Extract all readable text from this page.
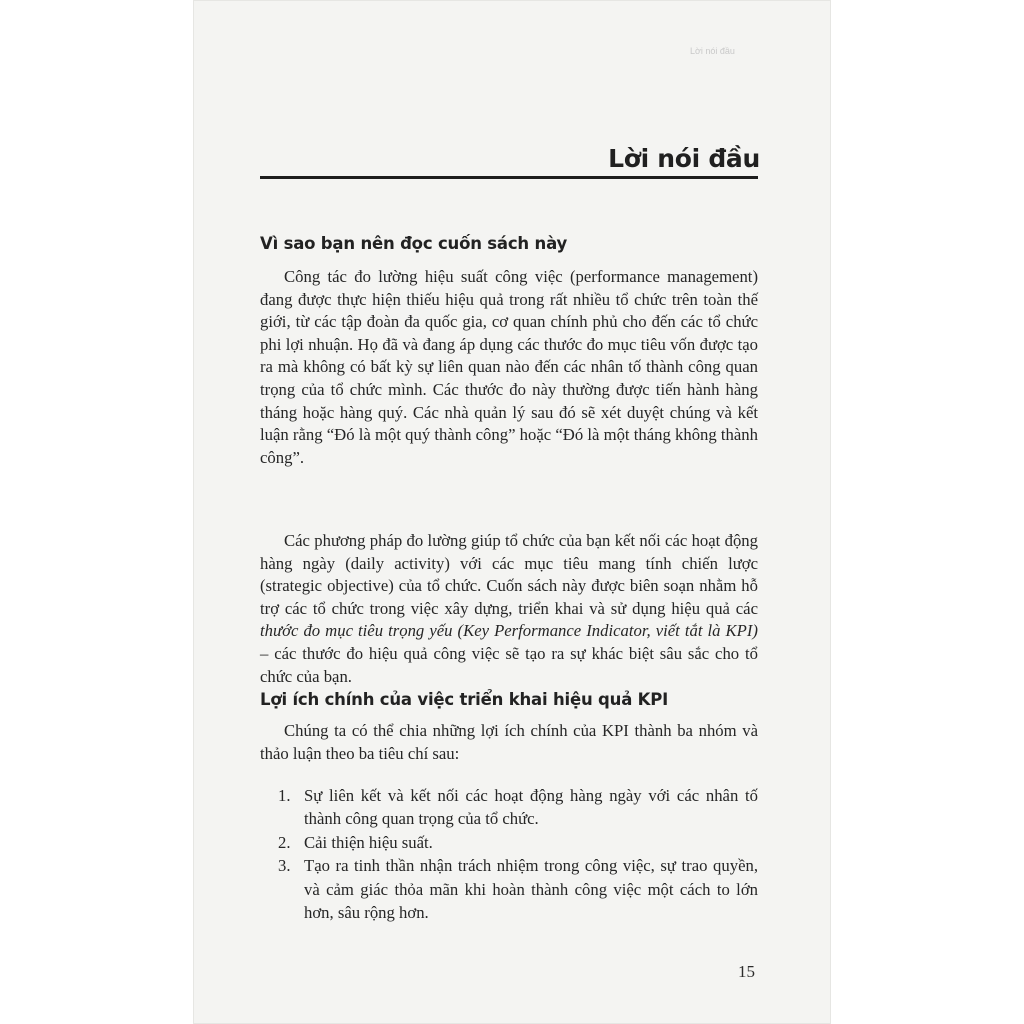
Lời nói đầu
Lời nói đầu
Vì sao bạn nên đọc cuốn sách này

Công tác đo lường hiệu suất công việc (performance management) đang được thực hiện thiếu hiệu quả trong rất nhiều tổ chức trên toàn thế giới, từ các tập đoàn đa quốc gia, cơ quan chính phủ cho đến các tổ chức phi lợi nhuận. Họ đã và đang áp dụng các thước đo mục tiêu vốn được tạo ra mà không có bất kỳ sự liên quan nào đến các nhân tố thành công quan trọng của tổ chức mình. Các thước đo này thường được tiến hành hàng tháng hoặc hàng quý. Các nhà quản lý sau đó sẽ xét duyệt chúng và kết luận rằng “Đó là một quý thành công” hoặc “Đó là một tháng không thành công”.

Các phương pháp đo lường giúp tổ chức của bạn kết nối các hoạt động hàng ngày (daily activity) với các mục tiêu mang tính chiến lược (strategic objective) của tổ chức. Cuốn sách này được biên soạn nhằm hỗ trợ các tổ chức trong việc xây dựng, triển khai và sử dụng hiệu quả các thước đo mục tiêu trọng yếu (Key Performance Indicator, viết tắt là KPI) – các thước đo hiệu quả công việc sẽ tạo ra sự khác biệt sâu sắc cho tổ chức của bạn.

Lợi ích chính của việc triển khai hiệu quả KPI

Chúng ta có thể chia những lợi ích chính của KPI thành ba nhóm và thảo luận theo ba tiêu chí sau:

1. Sự liên kết và kết nối các hoạt động hàng ngày với các nhân tố thành công quan trọng của tổ chức.
2. Cải thiện hiệu suất.
3. Tạo ra tinh thần nhận trách nhiệm trong công việc, sự trao quyền, và cảm giác thỏa mãn khi hoàn thành công việc một cách to lớn hơn, sâu rộng hơn.
15
